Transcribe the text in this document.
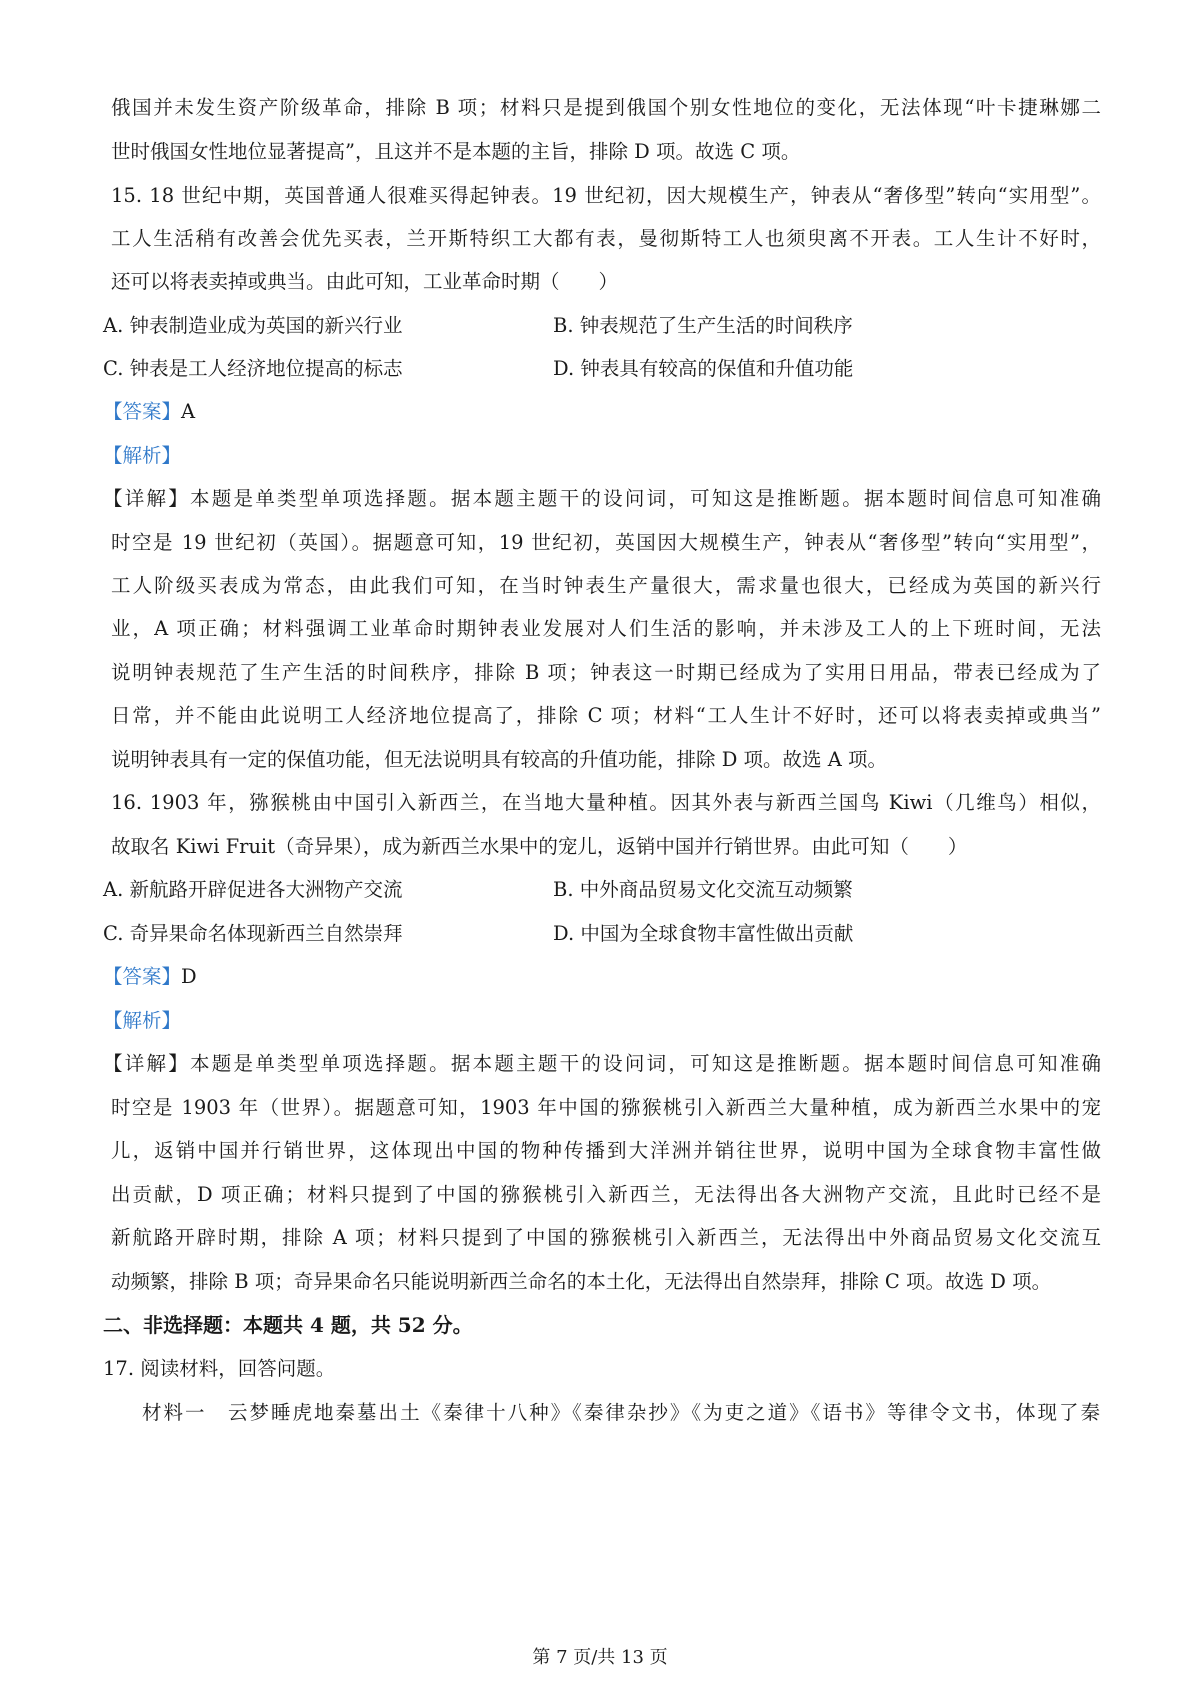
俄国并未发生资产阶级革命，排除 B 项；材料只是提到俄国个别女性地位的变化，无法体现“叶卡捷琳娜二
世时俄国女性地位显著提高”，且这并不是本题的主旨，排除 D 项。故选 C 项。
15. 18 世纪中期，英国普通人很难买得起钟表。19 世纪初，因大规模生产，钟表从“奢侈型”转向“实用型”。
工人生活稍有改善会优先买表，兰开斯特织工大都有表，曼彻斯特工人也须臾离不开表。工人生计不好时，
还可以将表卖掉或典当。由此可知，工业革命时期（　　）
A. 钟表制造业成为英国的新兴行业	B. 钟表规范了生产生活的时间秩序
C. 钟表是工人经济地位提高的标志	D. 钟表具有较高的保值和升值功能
【答案】A
【解析】
【详解】本题是单类型单项选择题。据本题主题干的设问词，可知这是推断题。据本题时间信息可知准确
时空是 19 世纪初（英国）。据题意可知，19 世纪初，英国因大规模生产，钟表从“奢侈型”转向“实用型”，
工人阶级买表成为常态，由此我们可知，在当时钟表生产量很大，需求量也很大，已经成为英国的新兴行
业，A 项正确；材料强调工业革命时期钟表业发展对人们生活的影响，并未涉及工人的上下班时间，无法
说明钟表规范了生产生活的时间秩序，排除 B 项；钟表这一时期已经成为了实用日用品，带表已经成为了
日常，并不能由此说明工人经济地位提高了，排除 C 项；材料“工人生计不好时，还可以将表卖掉或典当”
说明钟表具有一定的保值功能，但无法说明具有较高的升值功能，排除 D 项。故选 A 项。
16. 1903 年，猕猴桃由中国引入新西兰，在当地大量种植。因其外表与新西兰国鸟 Kiwi（几维鸟）相似，
故取名 Kiwi Fruit（奇异果），成为新西兰水果中的宠儿，返销中国并行销世界。由此可知（　　）
A. 新航路开辟促进各大洲物产交流	B. 中外商品贸易文化交流互动频繁
C. 奇异果命名体现新西兰自然崇拜	D. 中国为全球食物丰富性做出贡献
【答案】D
【解析】
【详解】本题是单类型单项选择题。据本题主题干的设问词，可知这是推断题。据本题时间信息可知准确
时空是 1903 年（世界）。据题意可知，1903 年中国的猕猴桃引入新西兰大量种植，成为新西兰水果中的宠
儿，返销中国并行销世界，这体现出中国的物种传播到大洋洲并销往世界，说明中国为全球食物丰富性做
出贡献，D 项正确；材料只提到了中国的猕猴桃引入新西兰，无法得出各大洲物产交流，且此时已经不是
新航路开辟时期，排除 A 项；材料只提到了中国的猕猴桃引入新西兰，无法得出中外商品贸易文化交流互
动频繁，排除 B 项；奇异果命名只能说明新西兰命名的本土化，无法得出自然崇拜，排除 C 项。故选 D 项。
二、非选择题：本题共 4 题，共 52 分。
17. 阅读材料，回答问题。
材料一　云梦睡虎地秦墓出土《秦律十八种》《秦律杂抄》《为吏之道》《语书》等律令文书，体现了秦
第 7 页/共 13 页
